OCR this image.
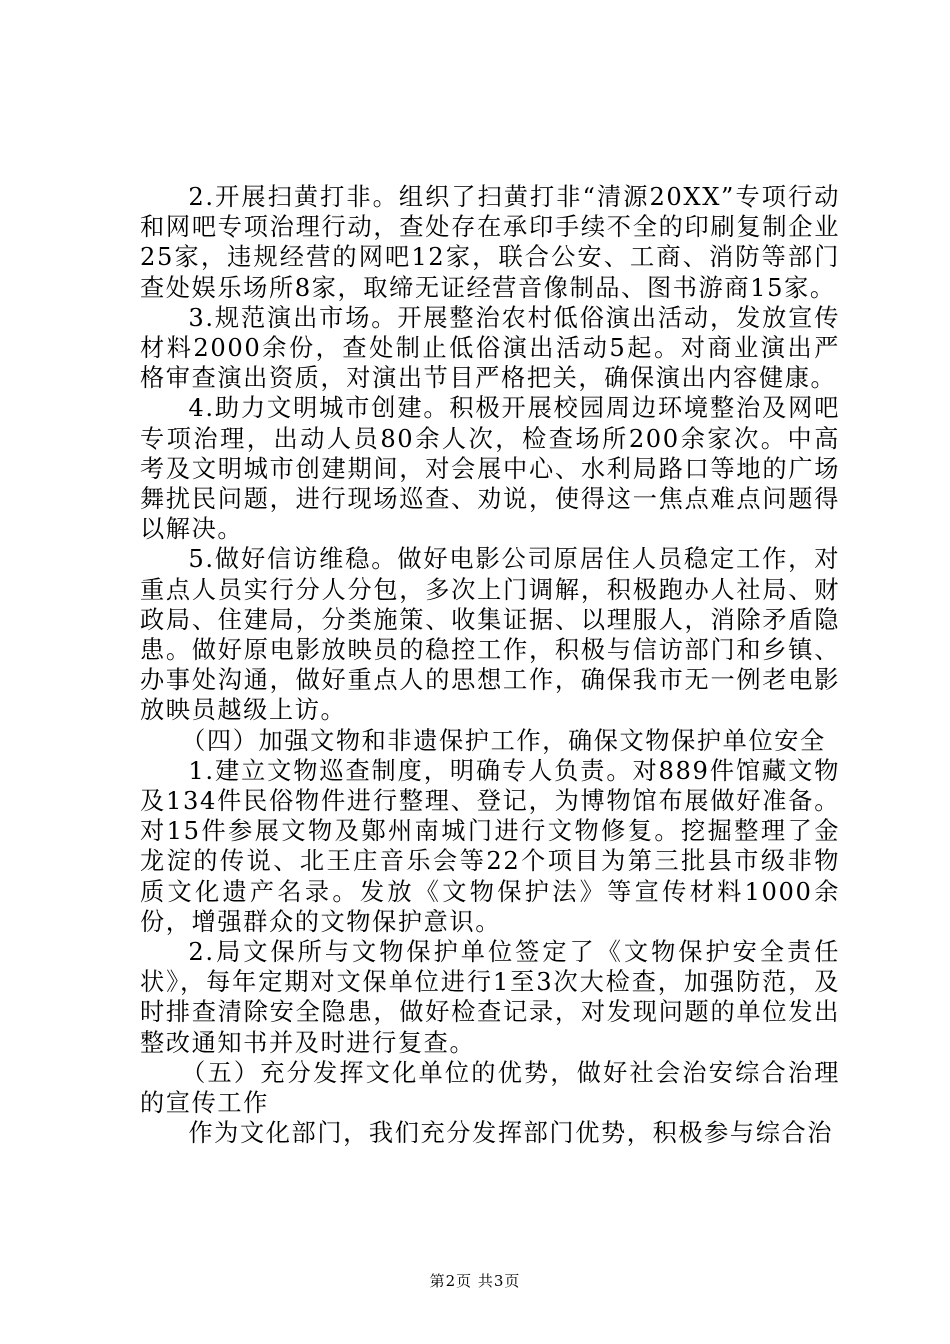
2.开展扫黄打非。组织了扫黄打非“清源20XX”专项行动和网吧专项治理行动，查处存在承印手续不全的印刷复制企业25家，违规经营的网吧12家，联合公安、工商、消防等部门查处娱乐场所8家，取缔无证经营音像制品、图书游商15家。

3.规范演出市场。开展整治农村低俗演出活动，发放宣传材料2000余份，查处制止低俗演出活动5起。对商业演出严格审查演出资质，对演出节目严格把关，确保演出内容健康。

4.助力文明城市创建。积极开展校园周边环境整治及网吧专项治理，出动人员80余人次，检查场所200余家次。中高考及文明城市创建期间，对会展中心、水利局路口等地的广场舞扰民问题，进行现场巡查、劝说，使得这一焦点难点问题得以解决。

5.做好信访维稳。做好电影公司原居住人员稳定工作，对重点人员实行分人分包，多次上门调解，积极跑办人社局、财政局、住建局，分类施策、收集证据、以理服人，消除矛盾隐患。做好原电影放映员的稳控工作，积极与信访部门和乡镇、办事处沟通，做好重点人的思想工作，确保我市无一例老电影放映员越级上访。

（四）加强文物和非遗保护工作，确保文物保护单位安全

1.建立文物巡查制度，明确专人负责。对889件馆藏文物及134件民俗物件进行整理、登记，为博物馆布展做好准备。对15件参展文物及鄚州南城门进行文物修复。挖掘整理了金龙淀的传说、北王庄音乐会等22个项目为第三批县市级非物质文化遗产名录。发放《文物保护法》等宣传材料1000余份，增强群众的文物保护意识。

2.局文保所与文物保护单位签定了《文物保护安全责任状》，每年定期对文保单位进行1至3次大检查，加强防范，及时排查清除安全隐患，做好检查记录，对发现问题的单位发出整改通知书并及时进行复查。

（五）充分发挥文化单位的优势，做好社会治安综合治理的宣传工作

作为文化部门，我们充分发挥部门优势，积极参与综合治

第2页 共3页
